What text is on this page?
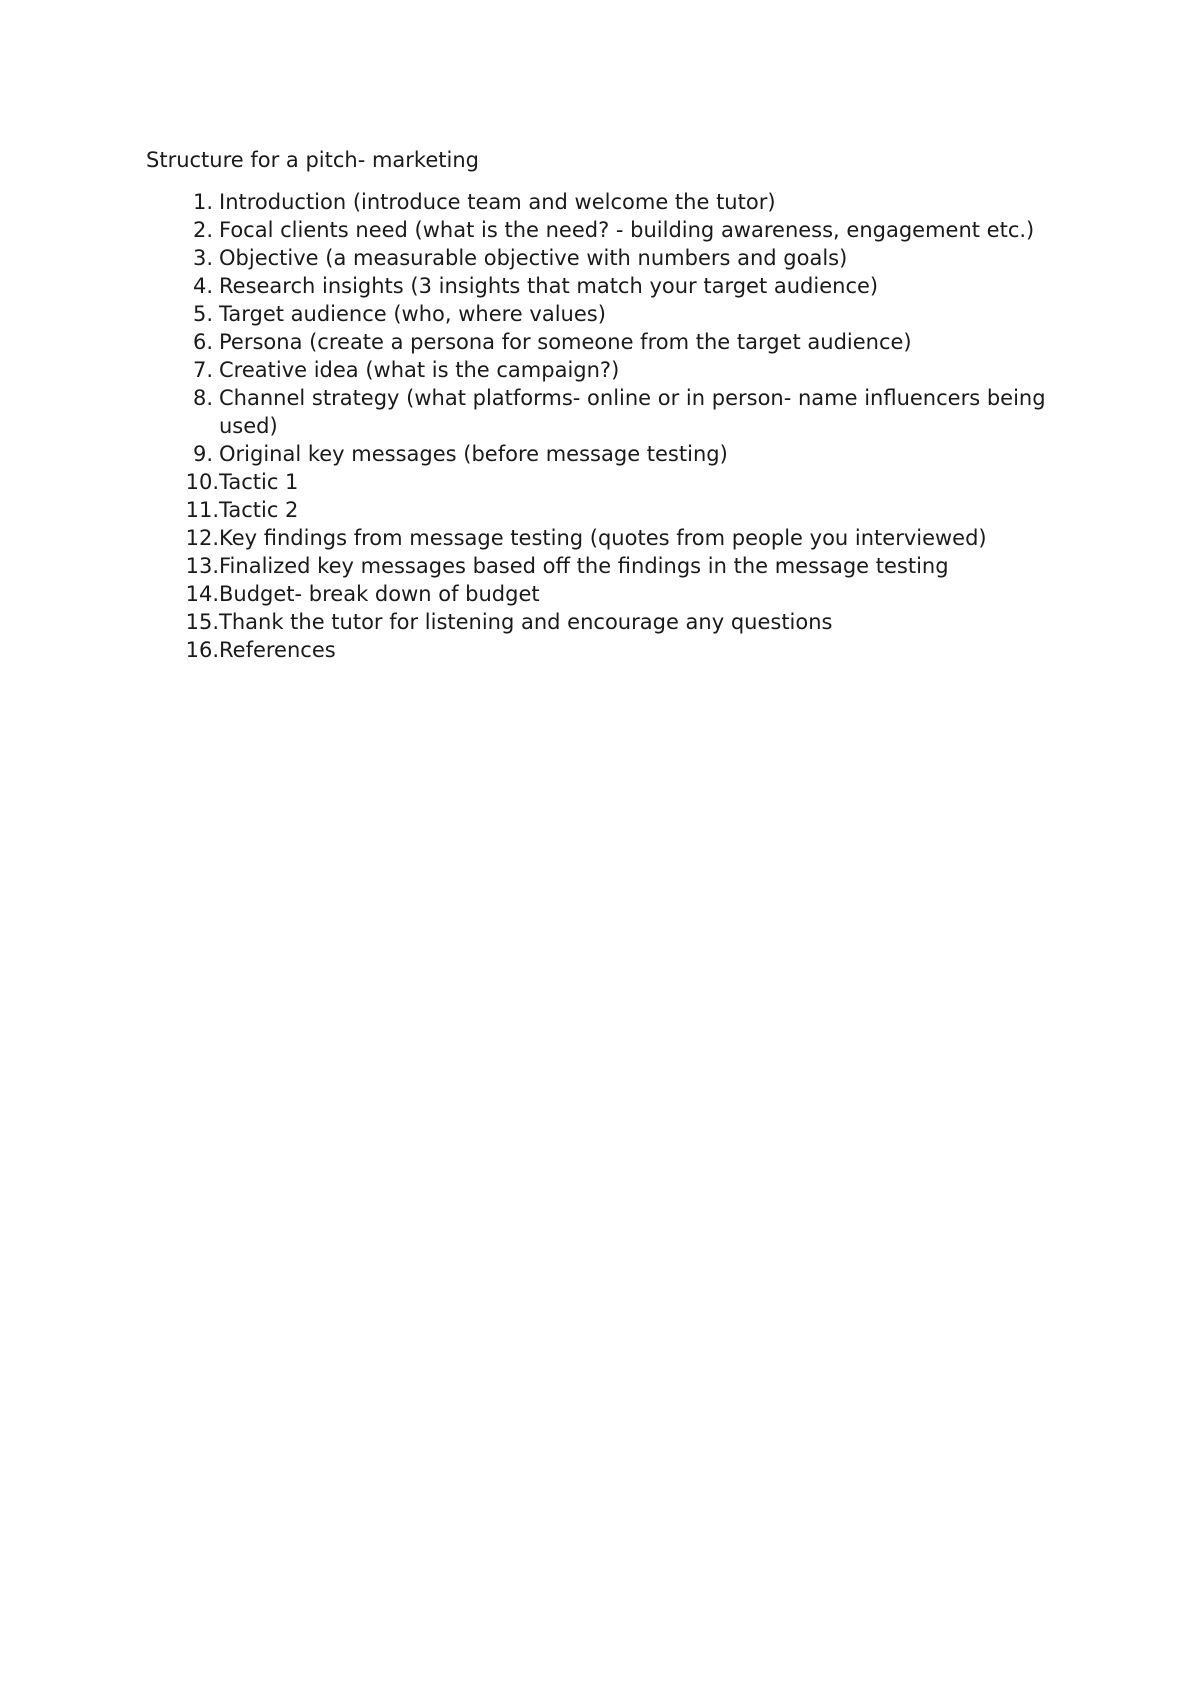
Structure for a pitch- marketing
1. Introduction (introduce team and welcome the tutor)
2. Focal clients need (what is the need? - building awareness, engagement etc.)
3. Objective (a measurable objective with numbers and goals)
4. Research insights (3 insights that match your target audience)
5. Target audience (who, where values)
6. Persona (create a persona for someone from the target audience)
7. Creative idea (what is the campaign?)
8. Channel strategy (what platforms- online or in person- name influencers being used)
9. Original key messages (before message testing)
10. Tactic 1
11. Tactic 2
12. Key findings from message testing (quotes from people you interviewed)
13. Finalized key messages based off the findings in the message testing
14. Budget- break down of budget
15. Thank the tutor for listening and encourage any questions
16. References
